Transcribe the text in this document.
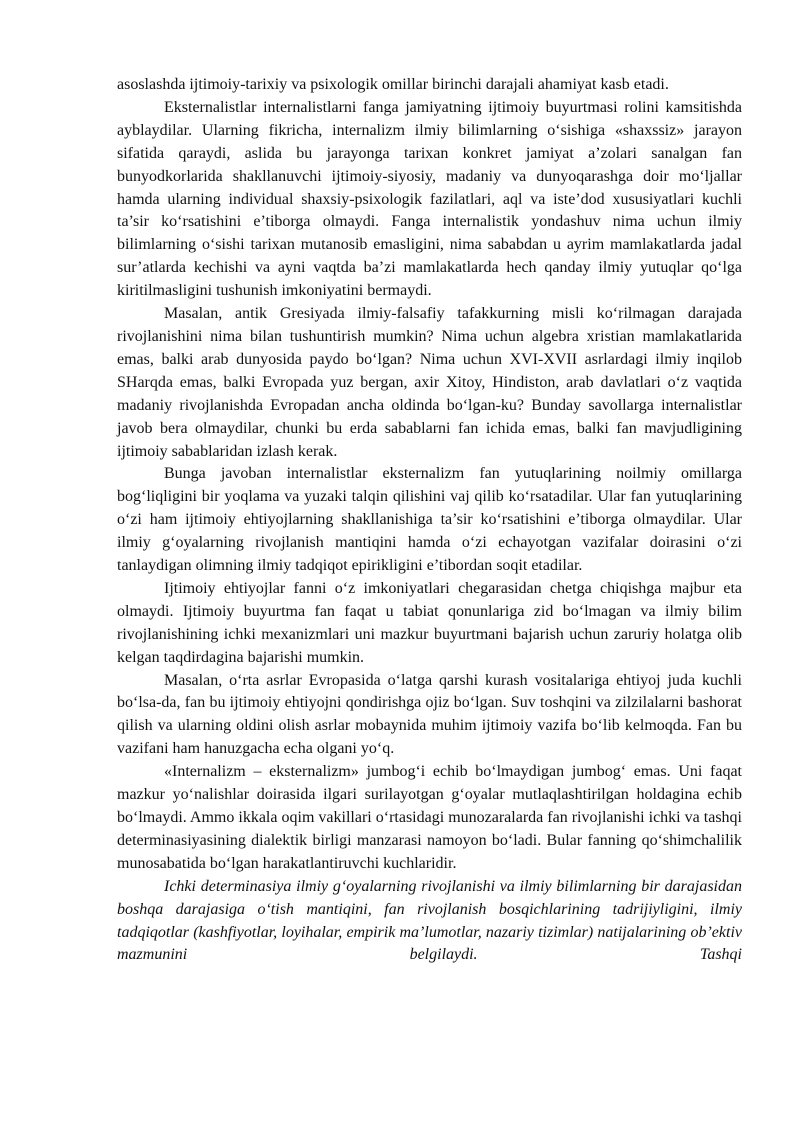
asoslashda ijtimoiy-tarixiy va psixologik omillar birinchi darajali ahamiyat kasb etadi.

Eksternalistlar internalistlarni fanga jamiyatning ijtimoiy buyurtmasi rolini kamsitishda ayblaydilar. Ularning fikricha, internalizm ilmiy bilimlarning o‘sishiga «shaxssiz» jarayon sifatida qaraydi, aslida bu jarayonga tarixan konkret jamiyat a’zolari sanalgan fan bunyodkorlarida shakllanuvchi ijtimoiy-siyosiy, madaniy va dunyoqarashga doir mo‘ljallar hamda ularning individual shaxsiy-psixologik fazilatlari, aql va iste’dod xususiyatlari kuchli ta’sir ko‘rsatishini e’tiborga olmaydi. Fanga internalistik yondashuv nima uchun ilmiy bilimlarning o‘sishi tarixan mutanosib emasligini, nima sababdan u ayrim mamlakatlarda jadal sur’atlarda kechishi va ayni vaqtda ba’zi mamlakatlarda hech qanday ilmiy yutuqlar qo‘lga kiritilmasligini tushunish imkoniyatini bermaydi.

Masalan, antik Gresiyada ilmiy-falsafiy tafakkurning misli ko‘rilmagan darajada rivojlanishini nima bilan tushuntirish mumkin? Nima uchun algebra xristian mamlakatlarida emas, balki arab dunyosida paydo bo‘lgan? Nima uchun XVI-XVII asrlardagi ilmiy inqilob SHarqda emas, balki Evropada yuz bergan, axir Xitoy, Hindiston, arab davlatlari o‘z vaqtida madaniy rivojlanishda Evropadan ancha oldinda bo‘lgan-ku? Bunday savollarga internalistlar javob bera olmaydilar, chunki bu erda sabablarni fan ichida emas, balki fan mavjudligining ijtimoiy sabablaridan izlash kerak.

Bunga javoban internalistlar eksternalizm fan yutuqlarining noilmiy omillarga bog‘liqligini bir yoqlama va yuzaki talqin qilishini vaj qilib ko‘rsatadilar. Ular fan yutuqlarining o‘zi ham ijtimoiy ehtiyojlarning shakllanishiga ta’sir ko‘rsatishini e’tiborga olmaydilar. Ular ilmiy g‘oyalarning rivojlanish mantiqini hamda o‘zi echayotgan vazifalar doirasini o‘zi tanlaydigan olimning ilmiy tadqiqot epirikligini e’tibordan soqit etadilar.

Ijtimoiy ehtiyojlar fanni o‘z imkoniyatlari chegarasidan chetga chiqishga majbur eta olmaydi. Ijtimoiy buyurtma fan faqat u tabiat qonunlariga zid bo‘lmagan va ilmiy bilim rivojlanishining ichki mexanizmlari uni mazkur buyurtmani bajarish uchun zaruriy holatga olib kelgan taqdirdagina bajarishi mumkin.

Masalan, o‘rta asrlar Evropasida o‘latga qarshi kurash vositalariga ehtiyoj juda kuchli bo‘lsa-da, fan bu ijtimoiy ehtiyojni qondirishga ojiz bo‘lgan. Suv toshqini va zilzilalarni bashorat qilish va ularning oldini olish asrlar mobaynida muhim ijtimoiy vazifa bo‘lib kelmoqda. Fan bu vazifani ham hanuzgacha echa olgani yo‘q.

«Internalizm – eksternalizm» jumbog‘i echib bo‘lmaydigan jumbog‘ emas. Uni faqat mazkur yo‘nalishlar doirasida ilgari surilayotgan g‘oyalar mutlaqlashtirilgan holdagina echib bo‘lmaydi. Ammo ikkala oqim vakillari o‘rtasidagi munozaralarda fan rivojlanishi ichki va tashqi determinasiyasining dialektik birligi manzarasi namoyon bo‘ladi. Bular fanning qo‘shimchalilik munosabatida bo‘lgan harakatlantiruvchi kuchlaridir.

Ichki determinasiya ilmiy g‘oyalarning rivojlanishi va ilmiy bilimlarning bir darajasidan boshqa darajasiga o‘tish mantiqini, fan rivojlanish bosqichlarining tadrijiyligini, ilmiy tadqiqotlar (kashfiyotlar, loyihalar, empirik ma’lumotlar, nazariy tizimlar) natijalarining ob’ektiv mazmunini belgilaydi. Tashqi
